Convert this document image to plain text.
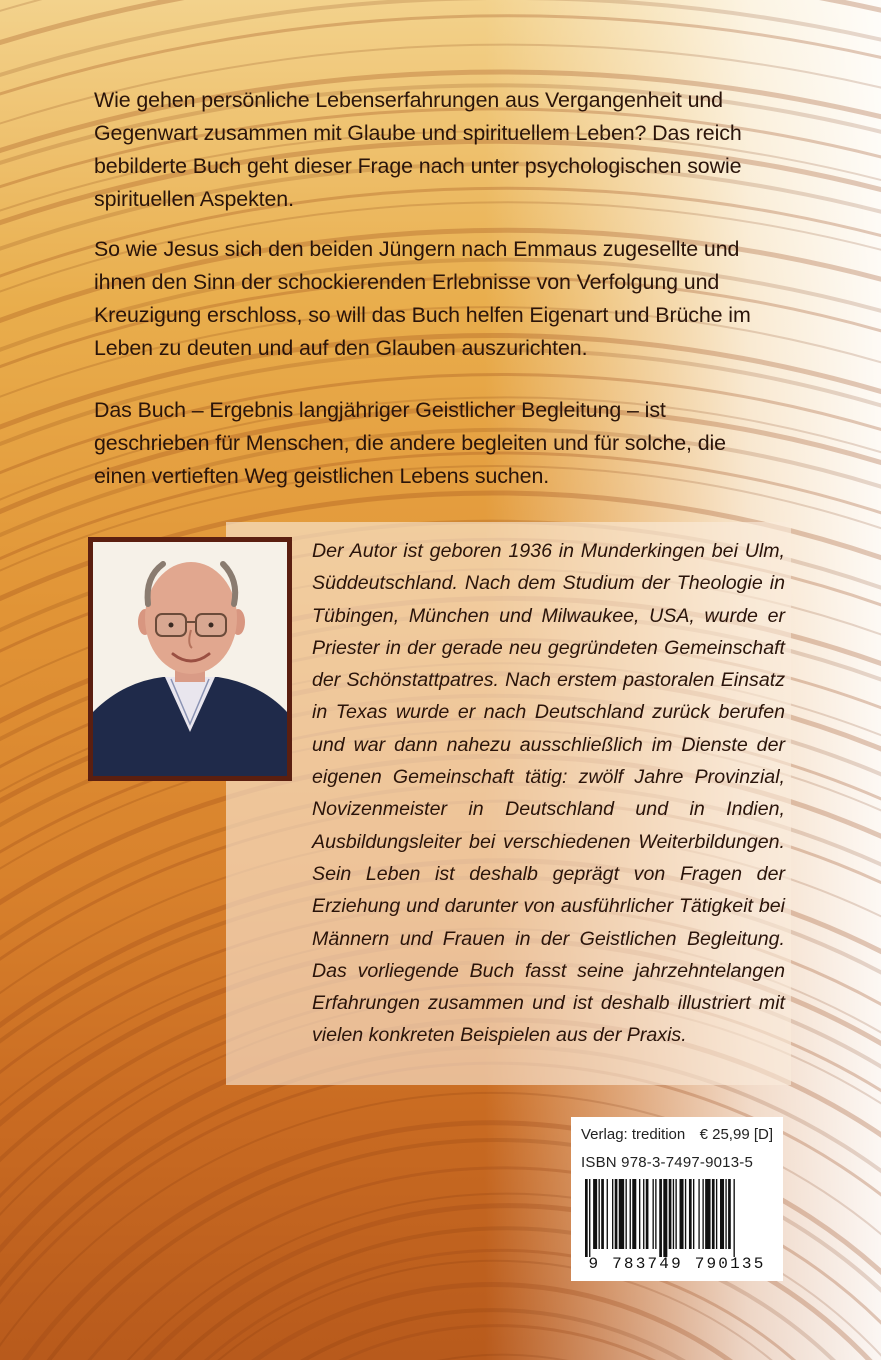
Wie gehen persönliche Lebenserfahrungen aus Vergangenheit und Gegenwart zusammen mit Glaube und spirituellem Leben? Das reich bebilderte Buch geht dieser Frage nach unter psychologischen sowie spirituellen Aspekten.

So wie Jesus sich den beiden Jüngern nach Emmaus zugesellte und ihnen den Sinn der schockierenden Erlebnisse von Verfolgung und Kreuzigung erschloss, so will das Buch helfen Eigenart und Brüche im Leben zu deuten und auf den Glauben auszurichten.

Das Buch – Ergebnis langjähriger Geistlicher Begleitung – ist geschrieben für Menschen, die andere begleiten und für solche, die einen vertieften Weg geistlichen Lebens suchen.

Der Autor ist geboren 1936 in Munderkingen bei Ulm, Süddeutschland. Nach dem Studium der Theologie in Tübingen, München und Milwaukee, USA, wurde er Priester in der gerade neu gegründeten Gemeinschaft der Schönstattpatres. Nach erstem pastoralen Einsatz in Texas wurde er nach Deutschland zurück berufen und war dann nahezu ausschließlich im Dienste der eigenen Gemeinschaft tätig: zwölf Jahre Provinzial, Novizenmeister in Deutschland und in Indien, Ausbildungsleiter bei verschiedenen Weiterbildungen. Sein Leben ist deshalb geprägt von Fragen der Erziehung und darunter von ausführlicher Tätigkeit bei Männern und Frauen in der Geistlichen Begleitung. Das vorliegende Buch fasst seine jahrzehntelangen Erfahrungen zusammen und ist deshalb illustriert mit vielen konkreten Beispielen aus der Praxis.

Verlag: tredition € 25,99 [D]
ISBN 978-3-7497-9013-5
9 783749 790135
